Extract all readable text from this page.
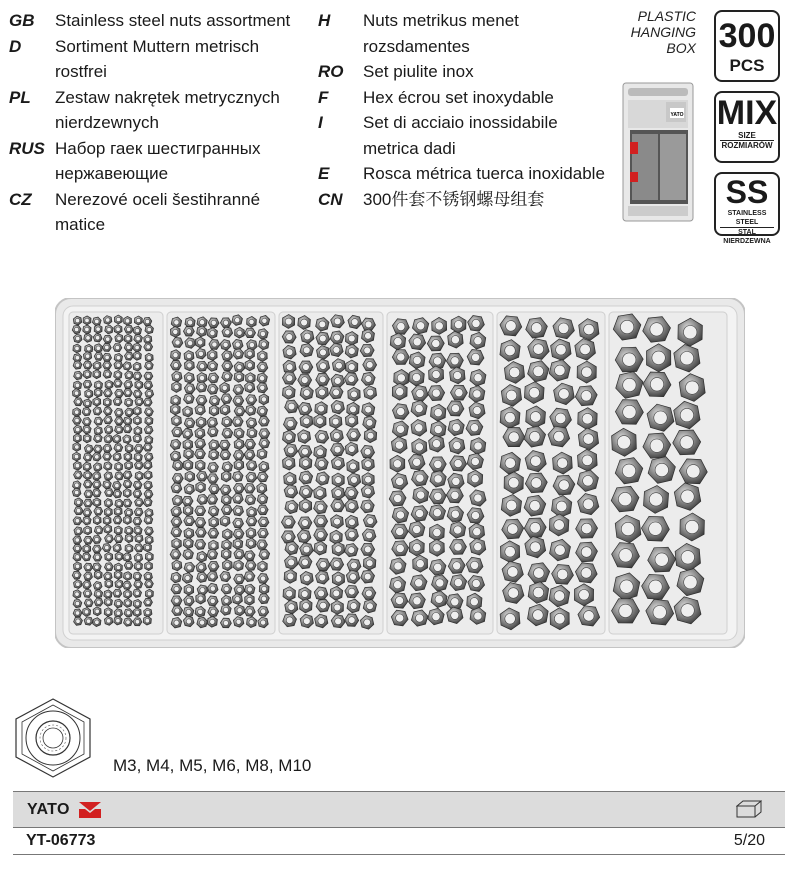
GB	Stainless steel nuts assortment
D	Sortiment Muttern metrisch rostfrei
PL	Zestaw nakrętek metrycznych nierdzewnych
RUS Набор гаек шестигранных нержавеющие
CZ	Nerezové oceli šestihranné matice
H	Nuts metrikus menet rozsdamentes
RO	Set piulite inox
F	Hex écrou set inoxydable
I	Set di acciaio inossidabile metrica dadi
E	Rosca métrica tuerca inoxidable
CN	300件套不锈钢螺母组套
PLASTIC
HANGING
BOX
YATO
300
PCS
MIX
SIZE
ROZMIARÓW
SS
STAINLESS STEEL
STAL NIERDZEWNA
M3, M4, M5, M6, M8, M10
YATO
YT-06773	5/20
